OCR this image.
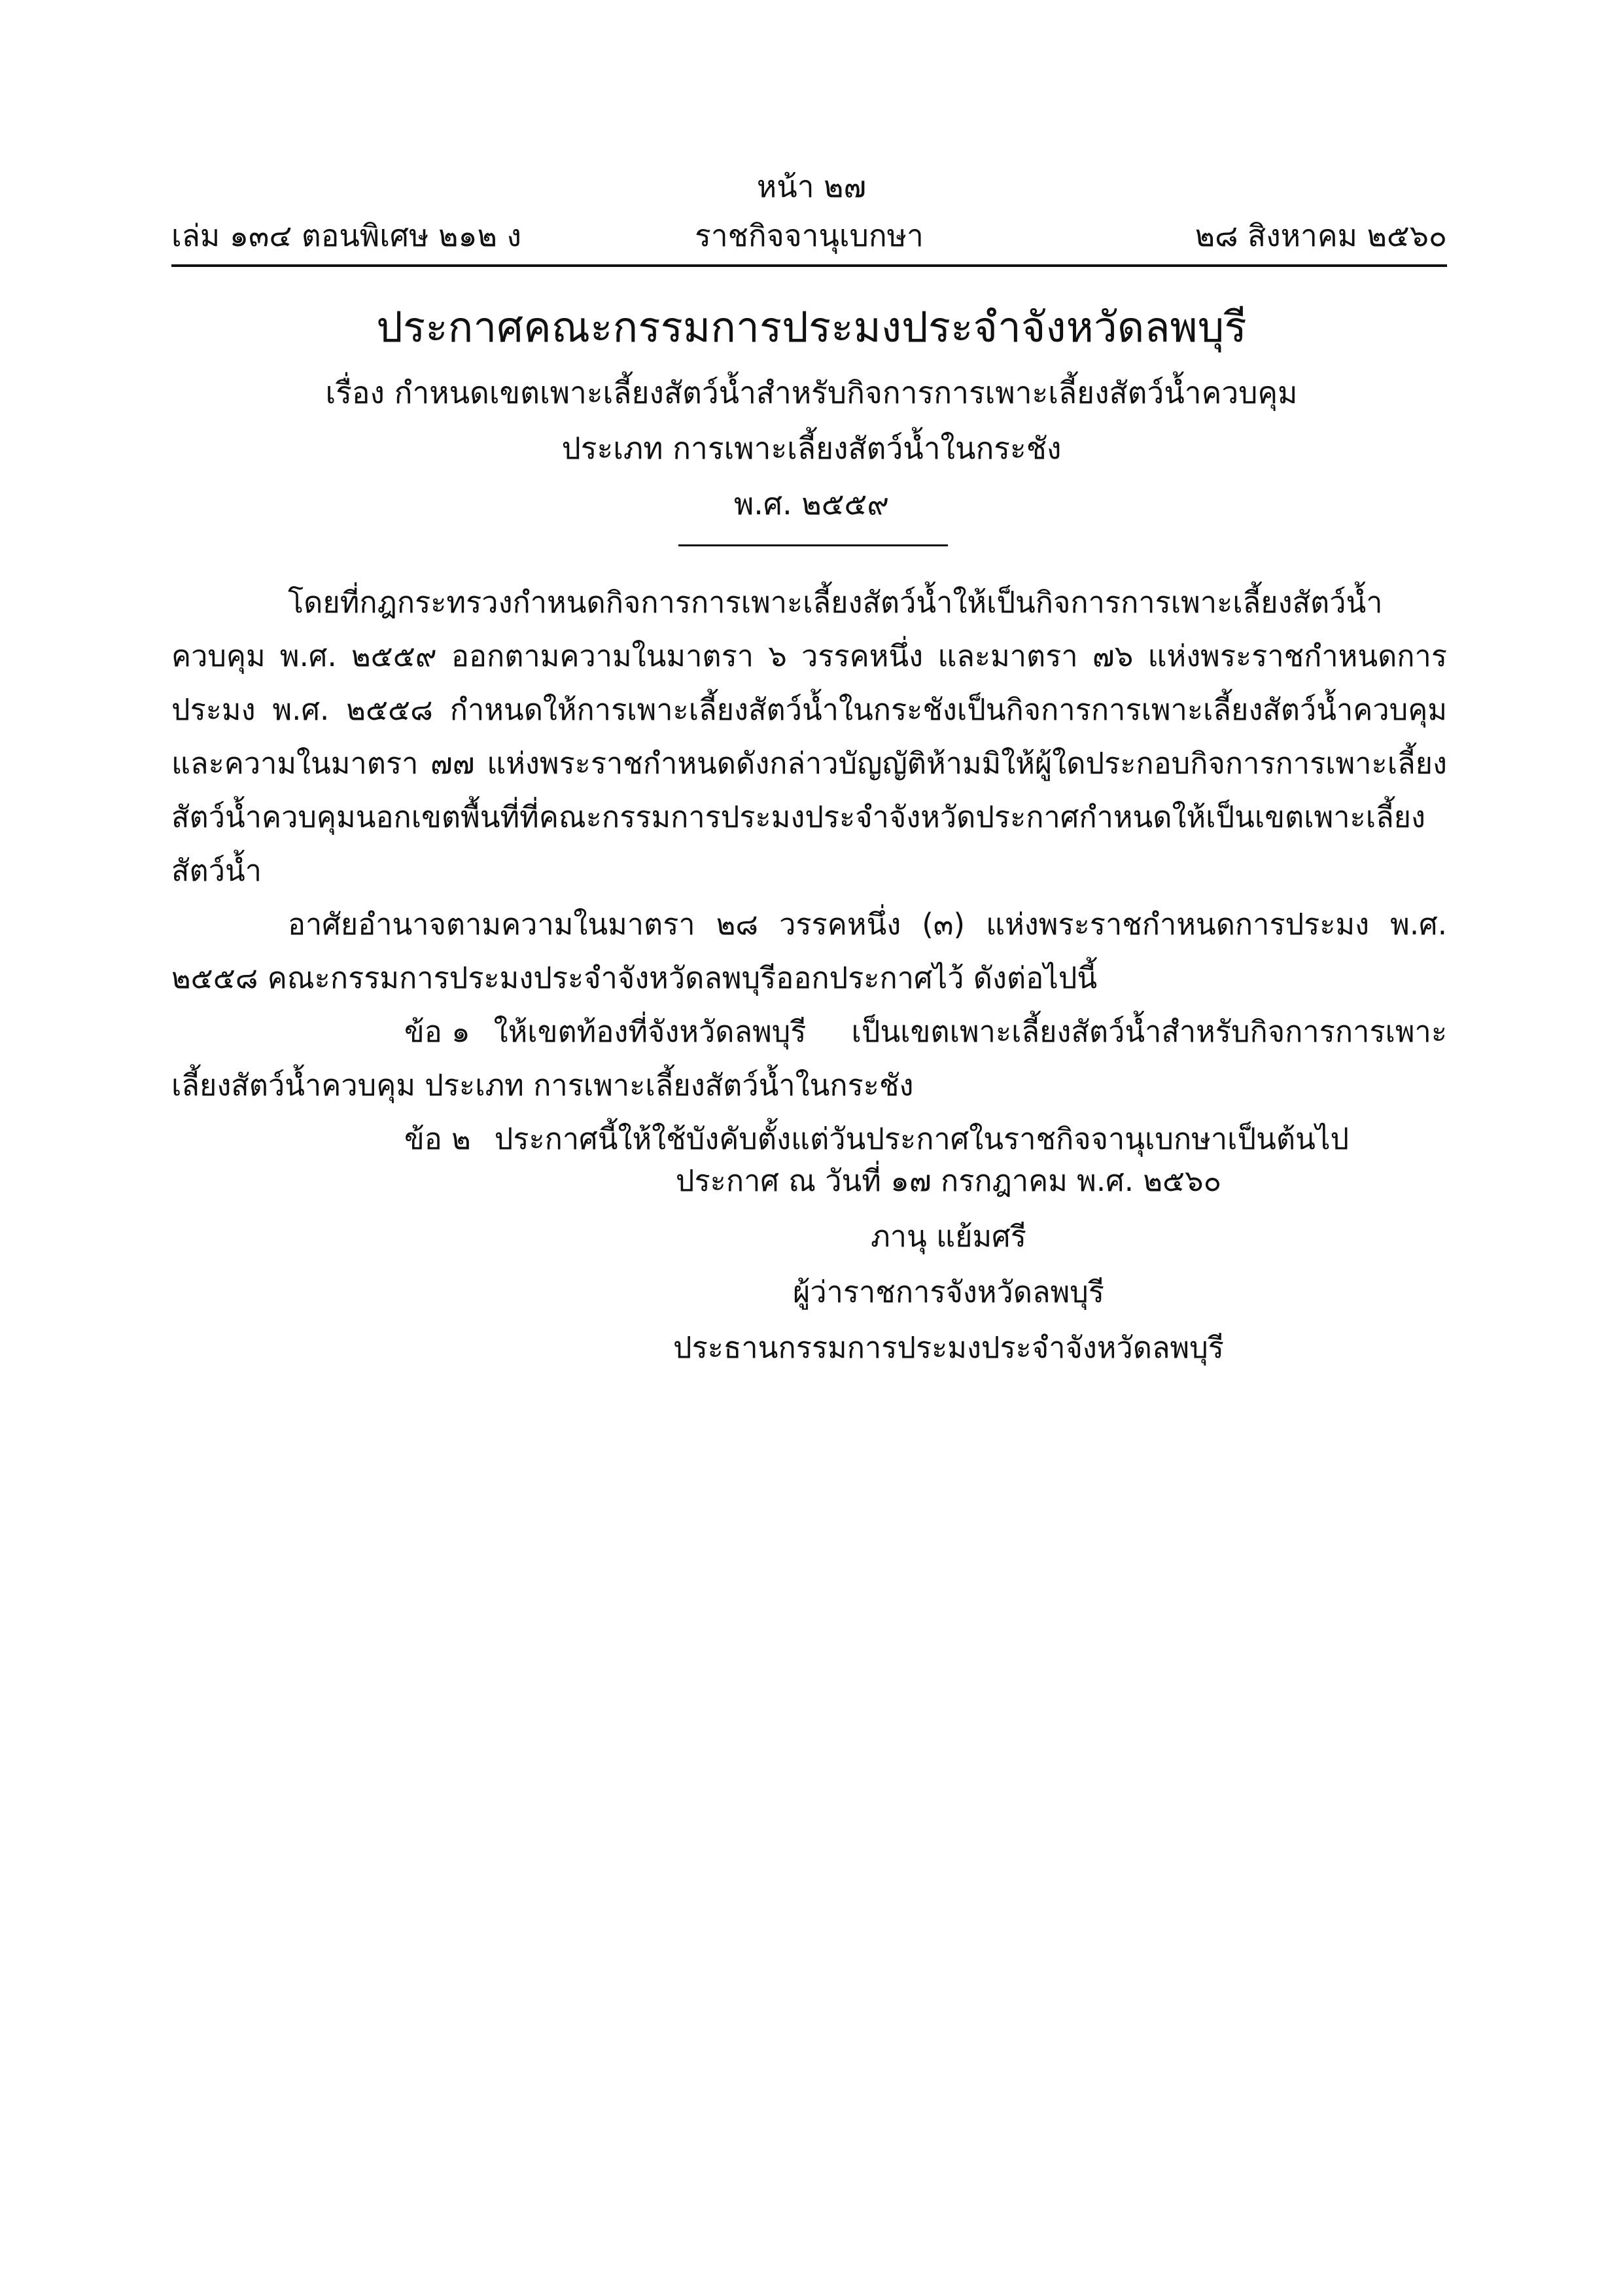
หน้า ๒๗
เล่ม ๑๓๔ ตอนพิเศษ ๒๑๒ ง	ราชกิจจานุเบกษา	๒๘ สิงหาคม ๒๕๖๐
ประกาศคณะกรรมการประมงประจำจังหวัดลพบุรี
เรื่อง กำหนดเขตเพาะเลี้ยงสัตว์น้ำสำหรับกิจการการเพาะเลี้ยงสัตว์น้ำควบคุม
ประเภท การเพาะเลี้ยงสัตว์น้ำในกระชัง
พ.ศ. ๒๕๕๙

โดยที่กฎกระทรวงกำหนดกิจการการเพาะเลี้ยงสัตว์น้ำให้เป็นกิจการการเพาะเลี้ยงสัตว์น้ำควบคุม พ.ศ. ๒๕๕๙ ออกตามความในมาตรา ๖ วรรคหนึ่ง และมาตรา ๗๖ แห่งพระราชกำหนดการประมง พ.ศ. ๒๕๕๘ กำหนดให้การเพาะเลี้ยงสัตว์น้ำในกระชังเป็นกิจการการเพาะเลี้ยงสัตว์น้ำควบคุม และความในมาตรา ๗๗ แห่งพระราชกำหนดดังกล่าวบัญญัติห้ามมิให้ผู้ใดประกอบกิจการการเพาะเลี้ยงสัตว์น้ำควบคุมนอกเขตพื้นที่ที่คณะกรรมการประมงประจำจังหวัดประกาศกำหนดให้เป็นเขตเพาะเลี้ยงสัตว์น้ำ

อาศัยอำนาจตามความในมาตรา ๒๘ วรรคหนึ่ง (๓) แห่งพระราชกำหนดการประมง พ.ศ. ๒๕๕๘ คณะกรรมการประมงประจำจังหวัดลพบุรีออกประกาศไว้ ดังต่อไปนี้

ข้อ ๑ ให้เขตท้องที่จังหวัดลพบุรี เป็นเขตเพาะเลี้ยงสัตว์น้ำสำหรับกิจการการเพาะเลี้ยงสัตว์น้ำควบคุม ประเภท การเพาะเลี้ยงสัตว์น้ำในกระชัง

ข้อ ๒ ประกาศนี้ให้ใช้บังคับตั้งแต่วันประกาศในราชกิจจานุเบกษาเป็นต้นไป

ประกาศ ณ วันที่ ๑๗ กรกฎาคม พ.ศ. ๒๕๖๐
ภานุ แย้มศรี
ผู้ว่าราชการจังหวัดลพบุรี
ประธานกรรมการประมงประจำจังหวัดลพบุรี
